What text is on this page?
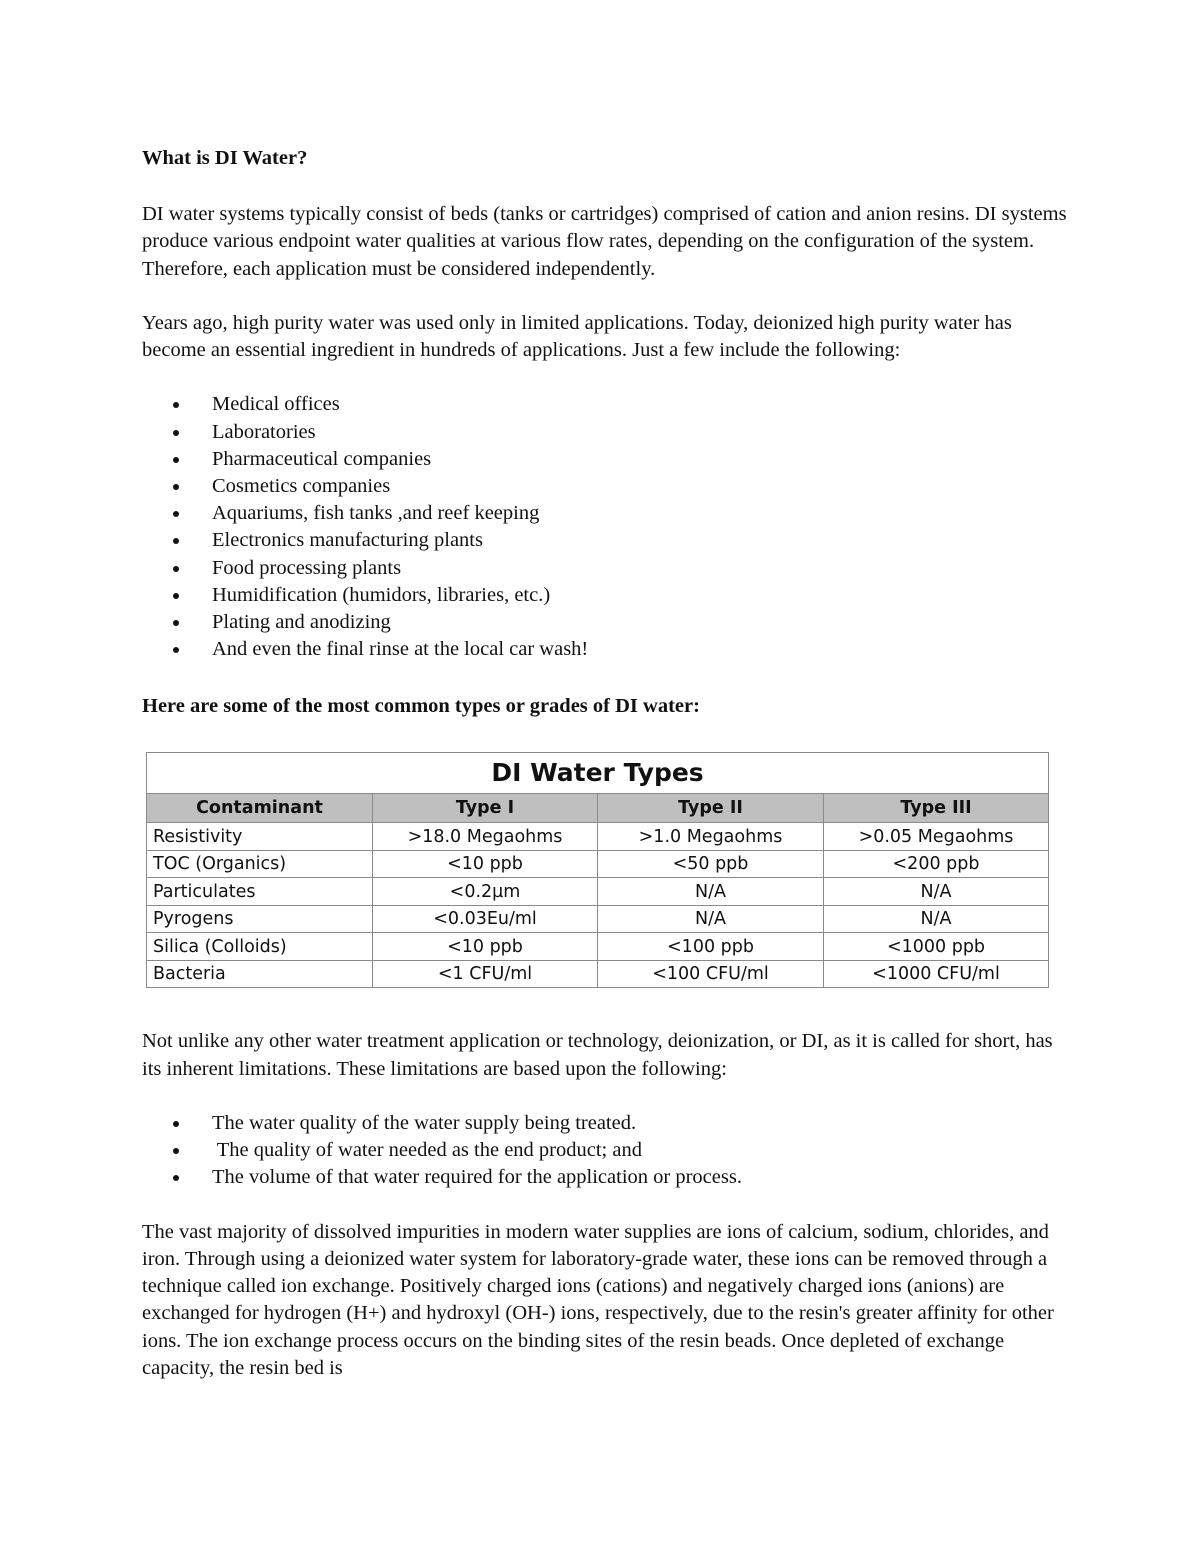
What is DI Water?

DI water systems typically consist of beds (tanks or cartridges) comprised of cation and anion resins. DI systems produce various endpoint water qualities at various flow rates, depending on the configuration of the system. Therefore, each application must be considered independently.

Years ago, high purity water was used only in limited applications. Today, deionized high purity water has become an essential ingredient in hundreds of applications. Just a few include the following:

Medical offices
Laboratories
Pharmaceutical companies
Cosmetics companies
Aquariums, fish tanks ,and reef keeping
Electronics manufacturing plants
Food processing plants
Humidification (humidors, libraries, etc.)
Plating and anodizing
And even the final rinse at the local car wash!

Here are some of the most common types or grades of DI water:

DI Water Types			
Contaminant	Type I	Type II	Type III
Resistivity	>18.0 Megaohms	>1.0 Megaohms	>0.05 Megaohms
TOC (Organics)	<10 ppb	<50 ppb	<200 ppb
Particulates	<0.2µm	N/A	N/A
Pyrogens	<0.03Eu/ml	N/A	N/A
Silica (Colloids)	<10 ppb	<100 ppb	<1000 ppb
Bacteria	<1 CFU/ml	<100 CFU/ml	<1000 CFU/ml

Not unlike any other water treatment application or technology, deionization, or DI, as it is called for short, has its inherent limitations. These limitations are based upon the following:

The water quality of the water supply being treated.
The quality of water needed as the end product; and
The volume of that water required for the application or process.

The vast majority of dissolved impurities in modern water supplies are ions of calcium, sodium, chlorides, and iron. Through using a deionized water system for laboratory-grade water, these ions can be removed through a technique called ion exchange. Positively charged ions (cations) and negatively charged ions (anions) are exchanged for hydrogen (H+) and hydroxyl (OH-) ions, respectively, due to the resin's greater affinity for other ions. The ion exchange process occurs on the binding sites of the resin beads. Once depleted of exchange capacity, the resin bed is
